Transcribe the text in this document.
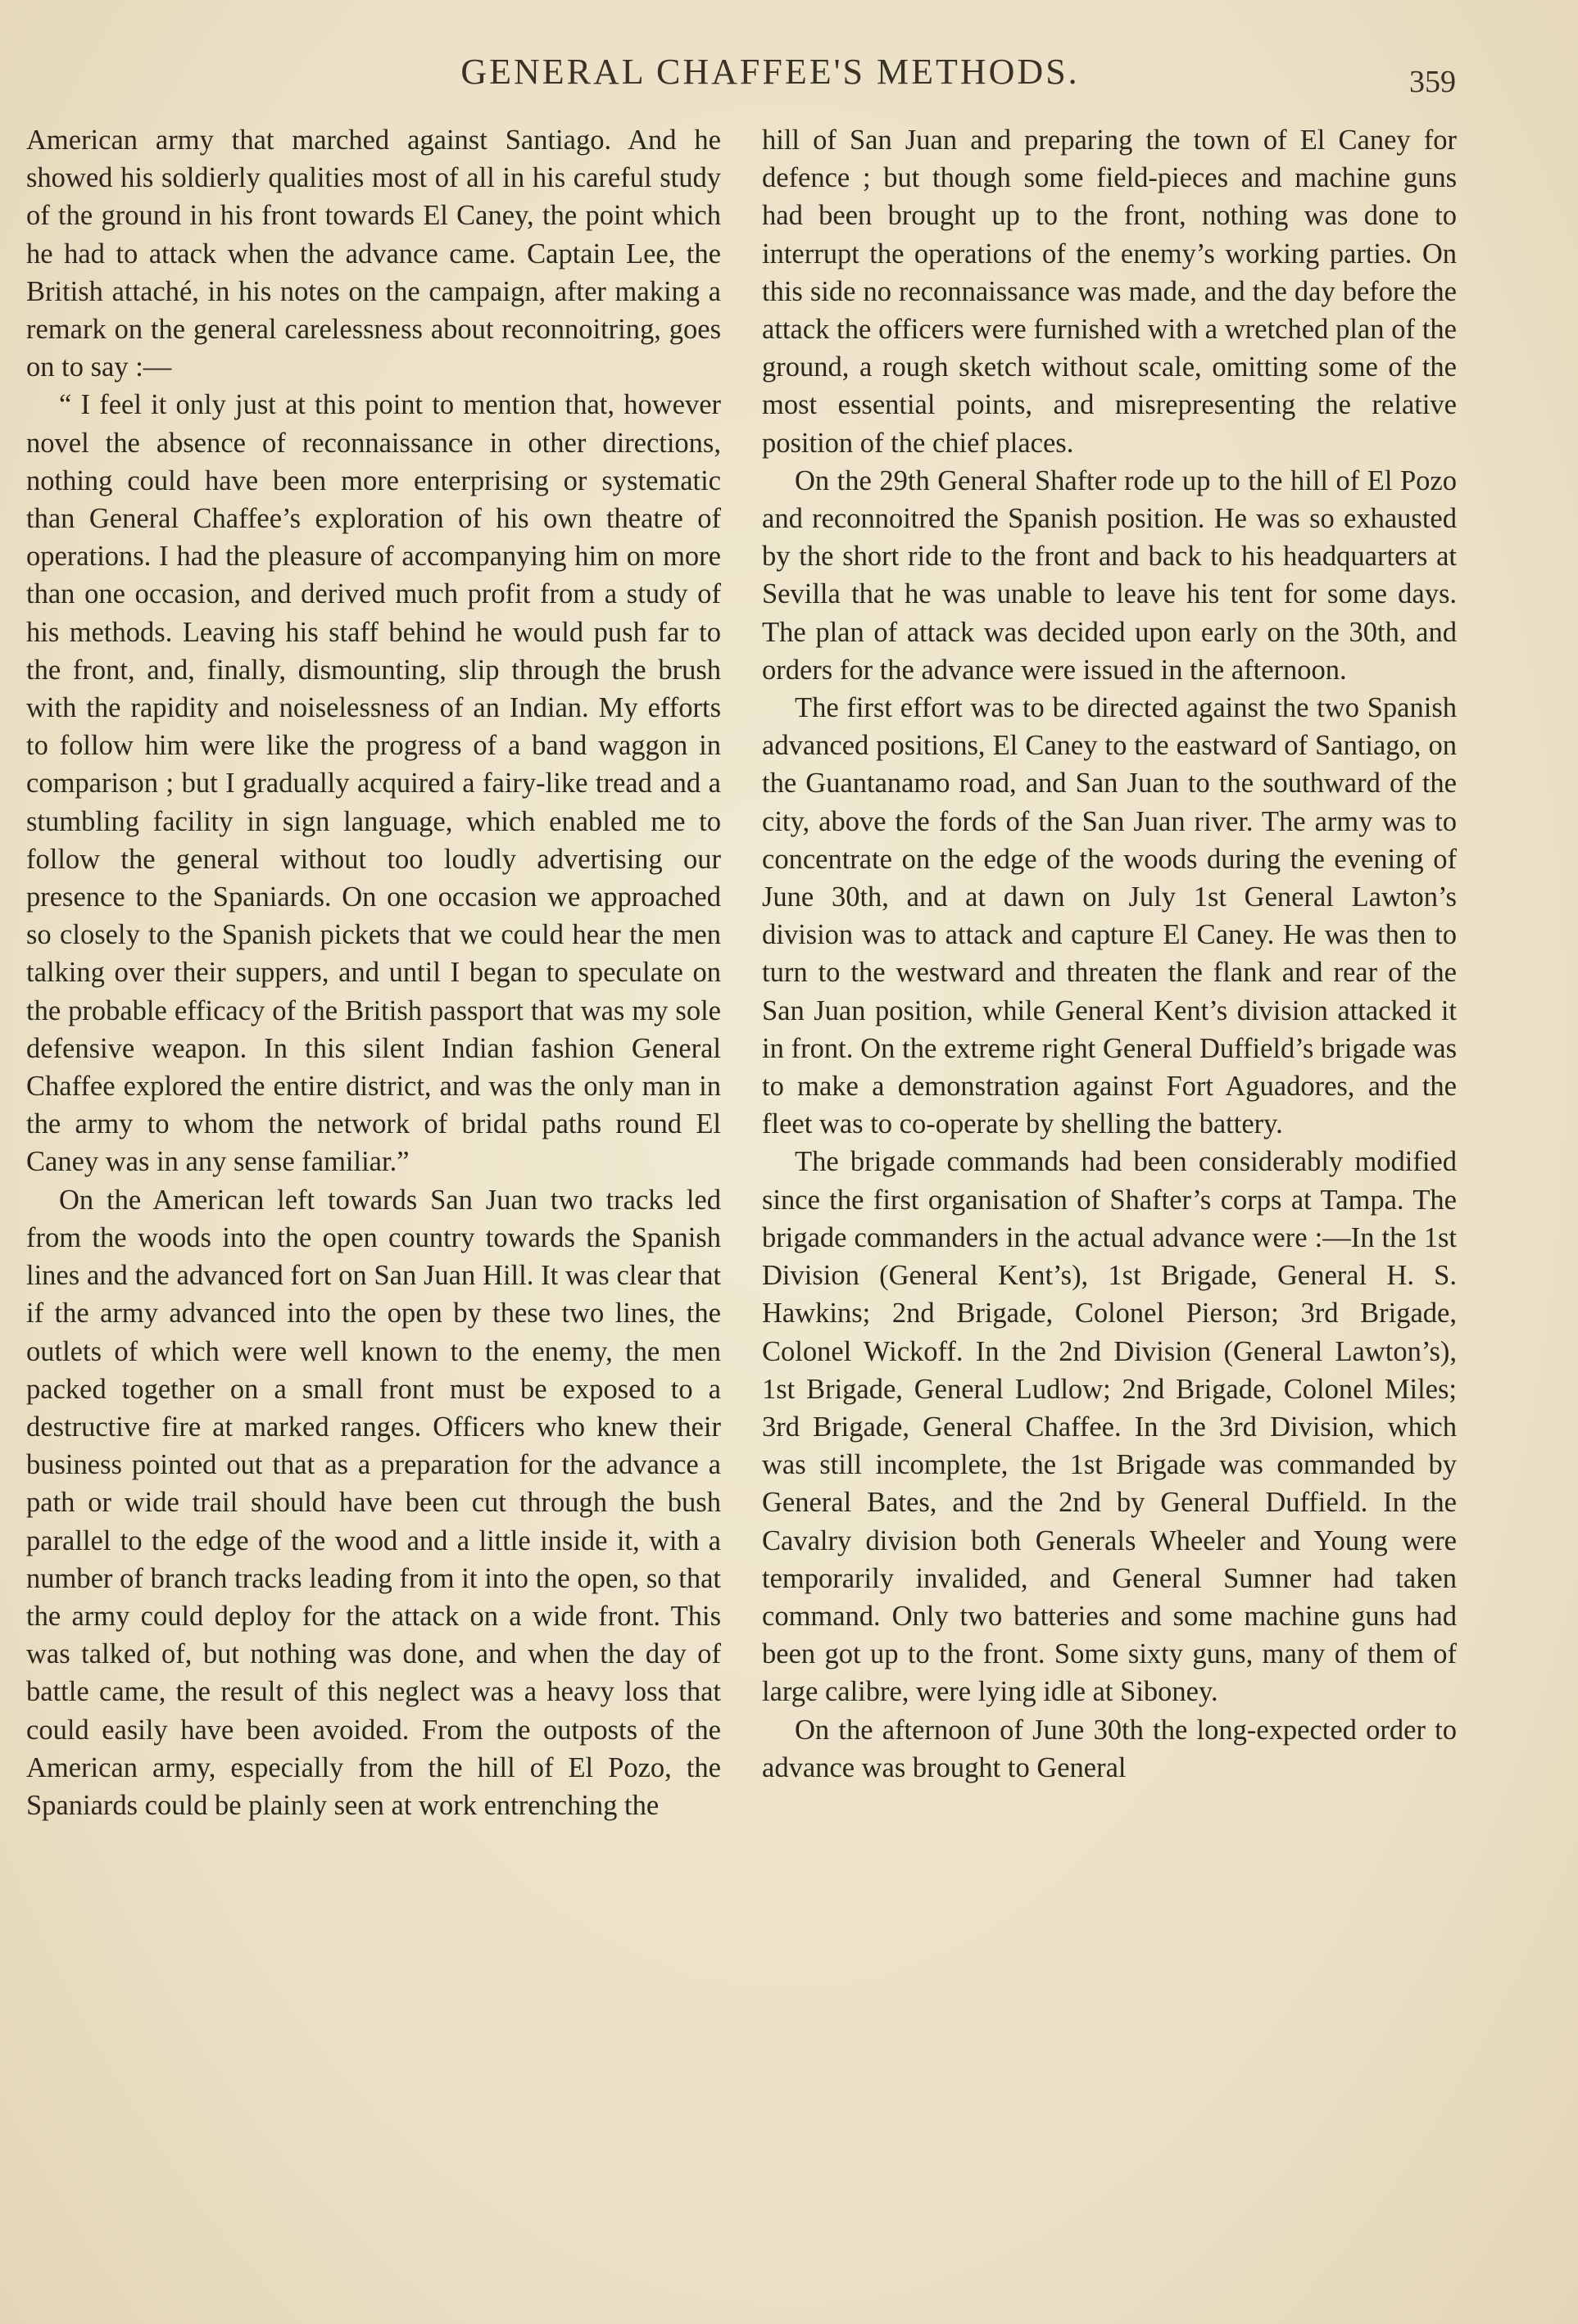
GENERAL CHAFFEE'S METHODS.	359

American army that marched against Santiago. And he showed his soldierly qualities most of all in his careful study of the ground in his front towards El Caney, the point which he had to attack when the advance came. Captain Lee, the British attaché, in his notes on the campaign, after making a remark on the general carelessness about reconnoitring, goes on to say :—

“ I feel it only just at this point to mention that, however novel the absence of reconnaissance in other directions, nothing could have been more enterprising or systematic than General Chaffee’s exploration of his own theatre of operations. I had the pleasure of accompanying him on more than one occasion, and derived much profit from a study of his methods. Leaving his staff behind he would push far to the front, and, finally, dismounting, slip through the brush with the rapidity and noiselessness of an Indian. My efforts to follow him were like the progress of a band waggon in comparison ; but I gradually acquired a fairy-like tread and a stumbling facility in sign language, which enabled me to follow the general without too loudly advertising our presence to the Spaniards. On one occasion we approached so closely to the Spanish pickets that we could hear the men talking over their suppers, and until I began to speculate on the probable efficacy of the British passport that was my sole defensive weapon. In this silent Indian fashion General Chaffee explored the entire district, and was the only man in the army to whom the network of bridal paths round El Caney was in any sense familiar.”

On the American left towards San Juan two tracks led from the woods into the open country towards the Spanish lines and the advanced fort on San Juan Hill. It was clear that if the army advanced into the open by these two lines, the outlets of which were well known to the enemy, the men packed together on a small front must be exposed to a destructive fire at marked ranges. Officers who knew their business pointed out that as a preparation for the advance a path or wide trail should have been cut through the bush parallel to the edge of the wood and a little inside it, with a number of branch tracks leading from it into the open, so that the army could deploy for the attack on a wide front. This was talked of, but nothing was done, and when the day of battle came, the result of this neglect was a heavy loss that could easily have been avoided. From the outposts of the American army, especially from the hill of El Pozo, the Spaniards could be plainly seen at work entrenching the

hill of San Juan and preparing the town of El Caney for defence ; but though some field-pieces and machine guns had been brought up to the front, nothing was done to interrupt the operations of the enemy’s working parties. On this side no reconnaissance was made, and the day before the attack the officers were furnished with a wretched plan of the ground, a rough sketch without scale, omitting some of the most essential points, and misrepresenting the relative position of the chief places.

On the 29th General Shafter rode up to the hill of El Pozo and reconnoitred the Spanish position. He was so exhausted by the short ride to the front and back to his headquarters at Sevilla that he was unable to leave his tent for some days. The plan of attack was decided upon early on the 30th, and orders for the advance were issued in the afternoon.

The first effort was to be directed against the two Spanish advanced positions, El Caney to the eastward of Santiago, on the Guantanamo road, and San Juan to the southward of the city, above the fords of the San Juan river. The army was to concentrate on the edge of the woods during the evening of June 30th, and at dawn on July 1st General Lawton’s division was to attack and capture El Caney. He was then to turn to the westward and threaten the flank and rear of the San Juan position, while General Kent’s division attacked it in front. On the extreme right General Duffield’s brigade was to make a demonstration against Fort Aguadores, and the fleet was to co-operate by shelling the battery.

The brigade commands had been considerably modified since the first organisation of Shafter’s corps at Tampa. The brigade commanders in the actual advance were :—In the 1st Division (General Kent’s), 1st Brigade, General H. S. Hawkins; 2nd Brigade, Colonel Pierson; 3rd Brigade, Colonel Wickoff. In the 2nd Division (General Lawton’s), 1st Brigade, General Ludlow; 2nd Brigade, Colonel Miles; 3rd Brigade, General Chaffee. In the 3rd Division, which was still incomplete, the 1st Brigade was commanded by General Bates, and the 2nd by General Duffield. In the Cavalry division both Generals Wheeler and Young were temporarily invalided, and General Sumner had taken command. Only two batteries and some machine guns had been got up to the front. Some sixty guns, many of them of large calibre, were lying idle at Siboney.

On the afternoon of June 30th the long-expected order to advance was brought to General
